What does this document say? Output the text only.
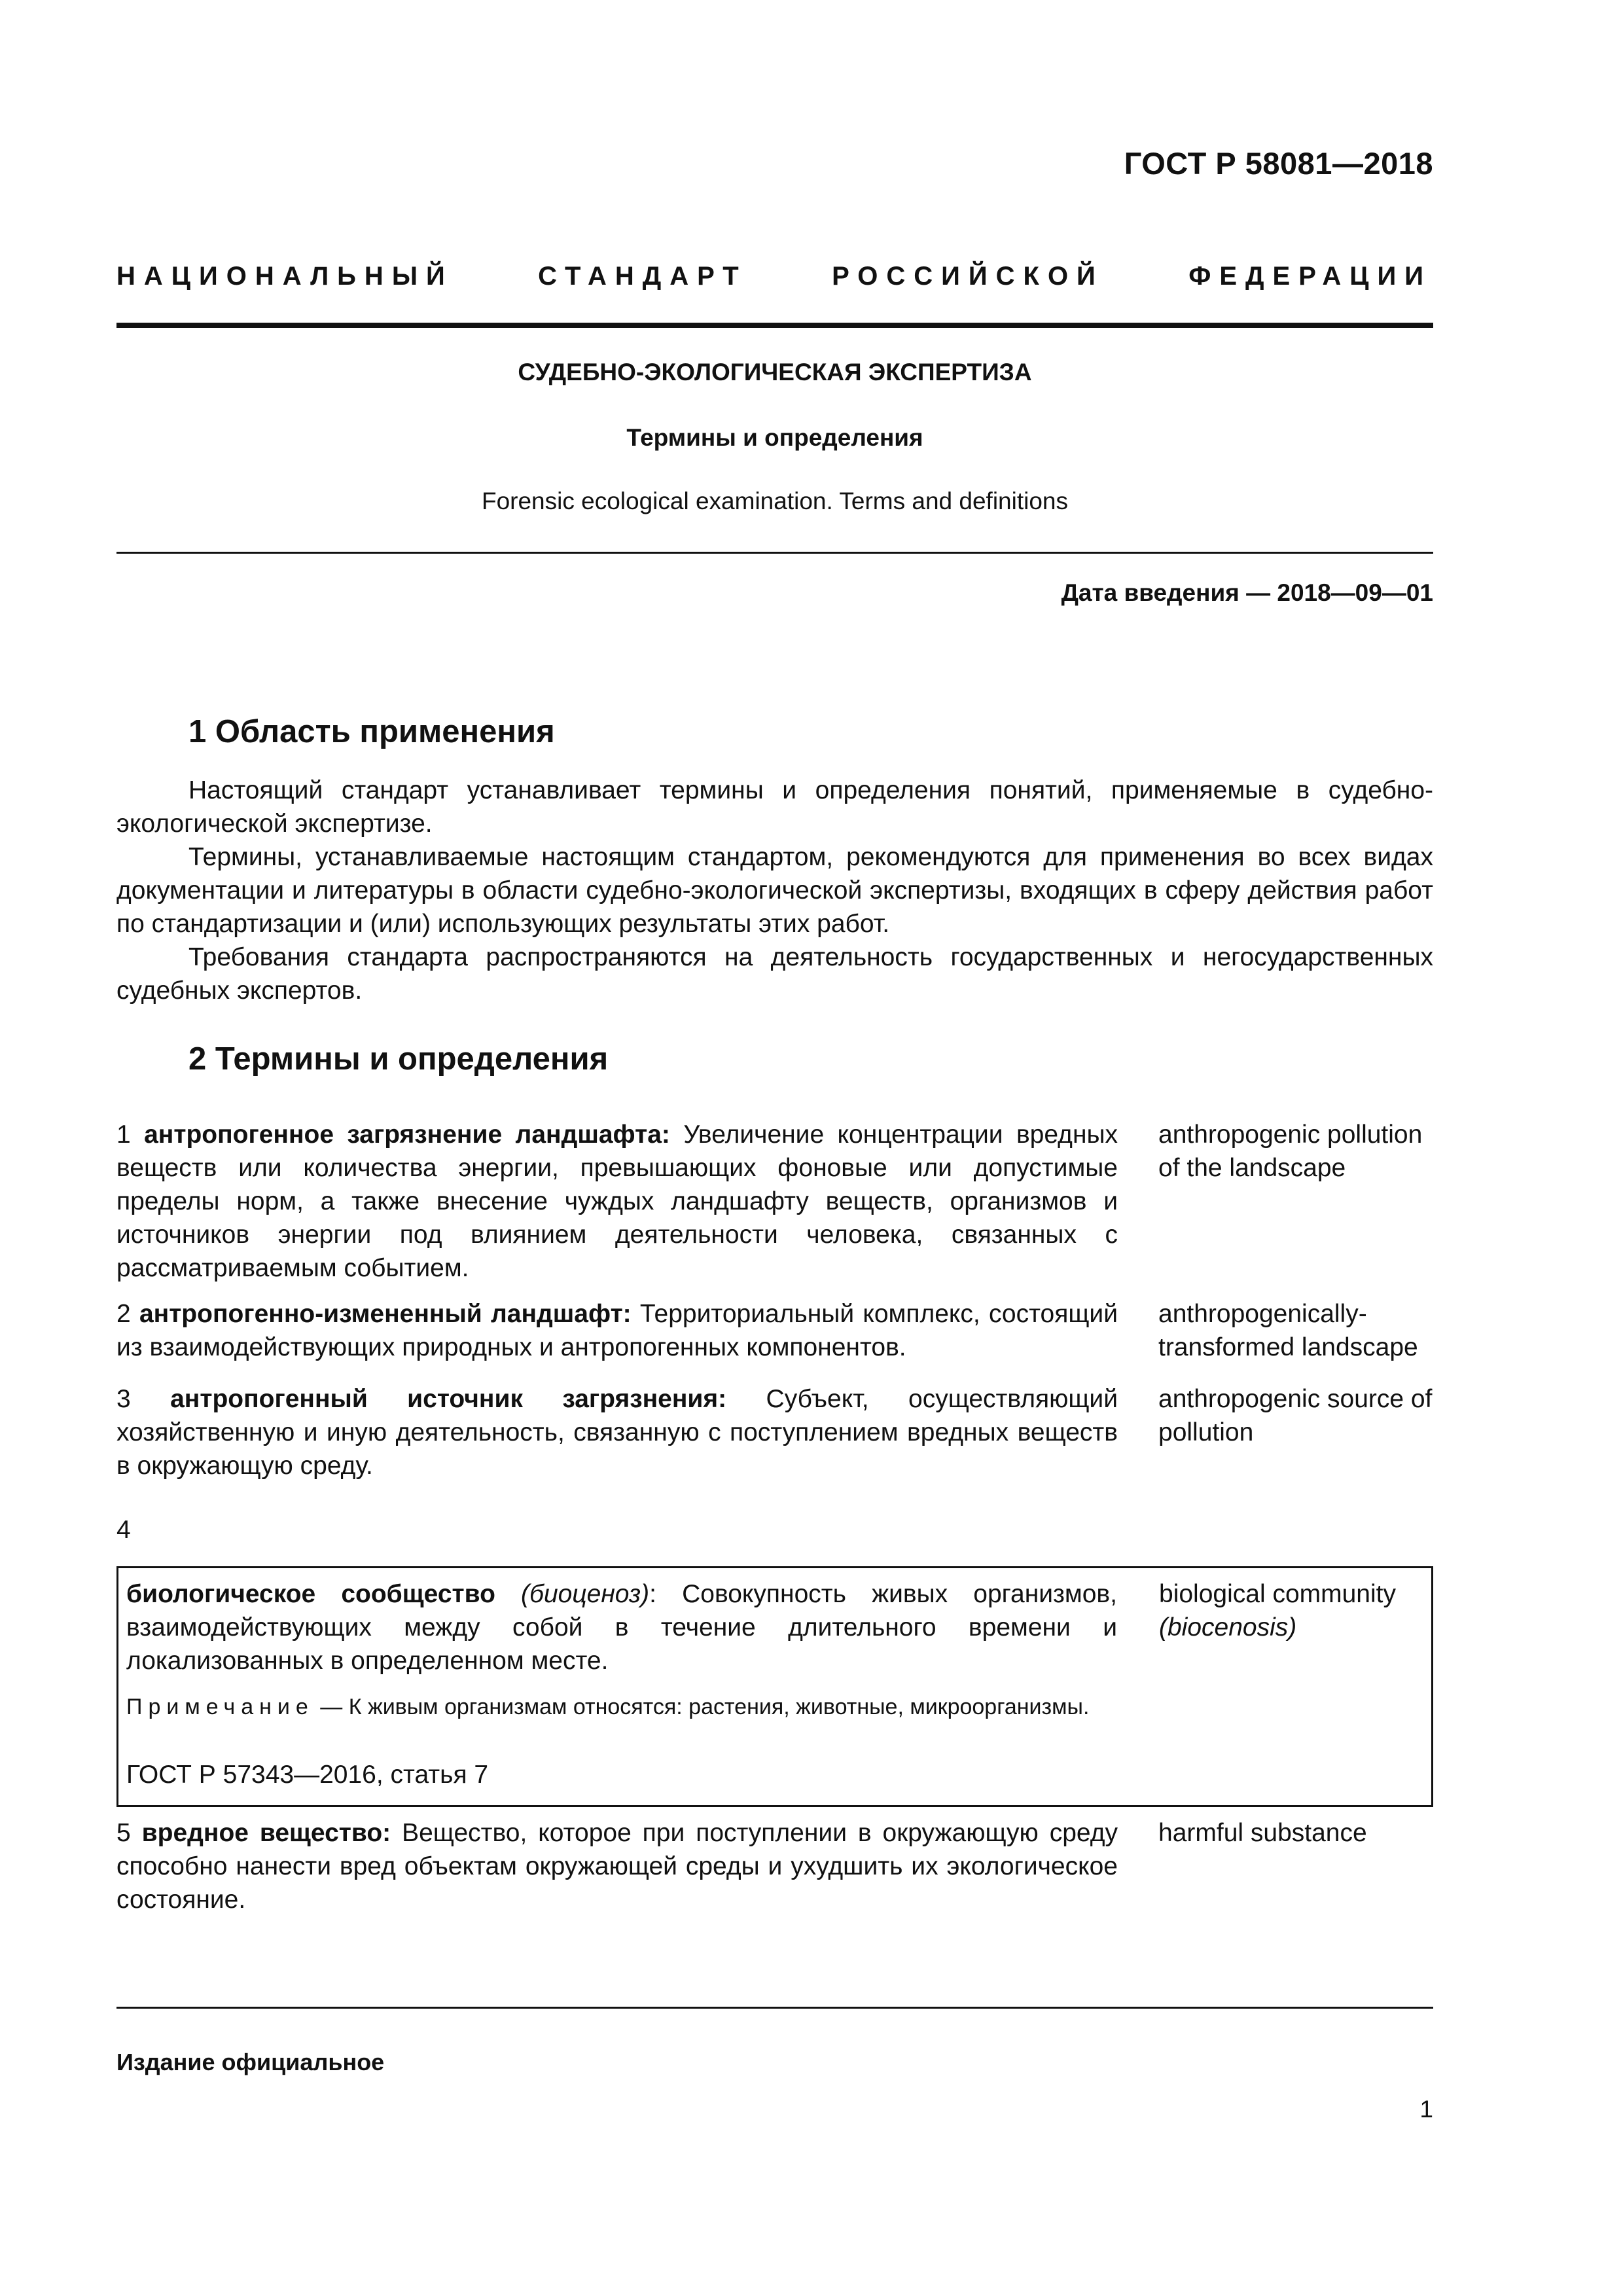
ГОСТ Р 58081—2018
НАЦИОНАЛЬНЫЙ СТАНДАРТ РОССИЙСКОЙ ФЕДЕРАЦИИ
СУДЕБНО-ЭКОЛОГИЧЕСКАЯ ЭКСПЕРТИЗА
Термины и определения
Forensic ecological examination. Terms and definitions
Дата введения — 2018—09—01
1 Область применения

Настоящий стандарт устанавливает термины и определения понятий, применяемые в судебно-экологической экспертизе.

Термины, устанавливаемые настоящим стандартом, рекомендуются для применения во всех видах документации и литературы в области судебно-экологической экспертизы, входящих в сферу действия работ по стандартизации и (или) использующих результаты этих работ.

Требования стандарта распространяются на деятельность государственных и негосударственных судебных экспертов.

2 Термины и определения
1 антропогенное загрязнение ландшафта: Увеличение концентрации вредных веществ или количества энергии, превышающих фоновые или допустимые пределы норм, а также внесение чуждых ландшафту веществ, организмов и источников энергии под влиянием деятельности человека, связанных с рассматриваемым событием.
anthropogenic pollution of the landscape
2 антропогенно-измененный ландшафт: Территориальный комплекс, состоящий из взаимодействующих природных и антропогенных компонентов.
anthropogenically-transformed landscape
3 антропогенный источник загрязнения: Субъект, осуществляющий хозяйственную и иную деятельность, связанную с поступлением вредных веществ в окружающую среду.
anthropogenic source of pollution
4
биологическое сообщество (биоценоз): Совокупность живых организмов, взаимодействующих между собой в течение длительного времени и локализованных в определенном месте.
Примечание — К живым организмам относятся: растения, животные, микроорганизмы.
ГОСТ Р 57343—2016, статья 7
biological community
(biocenosis)
5 вредное вещество: Вещество, которое при поступлении в окружающую среду способно нанести вред объектам окружающей среды и ухудшить их экологическое состояние.
harmful substance
Издание официальное
1
